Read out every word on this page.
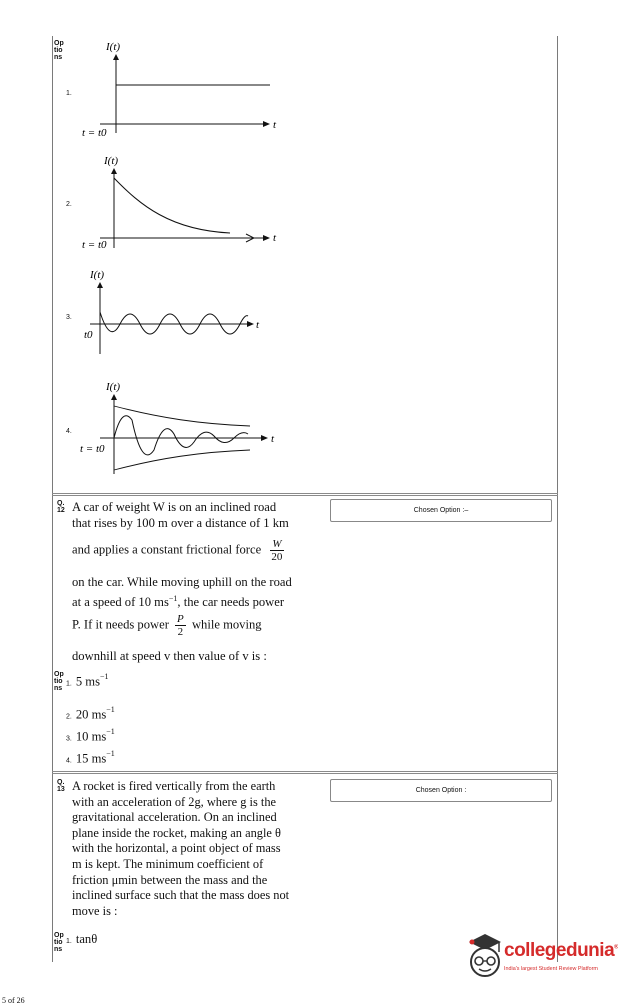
Op
tio
ns
1.
2.
3.
4.
I(t)
t
t = t0
I(t)
t
t = t0
I(t)
t
t0
I(t)
t
t = t0
Q.
12	Chosen Option :–
A car of weight W is on an inclined road
that rises by 100 m over a distance of 1 km
and applies a constant frictional force $\frac{W}{20}$
on the car. While moving uphill on the road
at a speed of 10 $ms^{-1}$, the car needs power
P. If it needs power $\frac{P}{2}$ while moving
downhill at speed v then value of v is :
Op
tio
ns
1. 5 $ms^{-1}$
2. 20 $ms^{-1}$
3. 10 $ms^{-1}$
4. 15 $ms^{-1}$
Q.
13	Chosen Option :
A rocket is fired vertically from the earth
with an acceleration of 2g, where g is the
gravitational acceleration. On an inclined
plane inside the rocket, making an angle θ
with the horizontal, a point object of mass
m is kept. The minimum coefficient of
friction μmin between the mass and the
inclined surface such that the mass does not
move is :
Op
tio
ns
1. tanθ
collegedunia®
India's largest Student Review Platform
5 of 26
